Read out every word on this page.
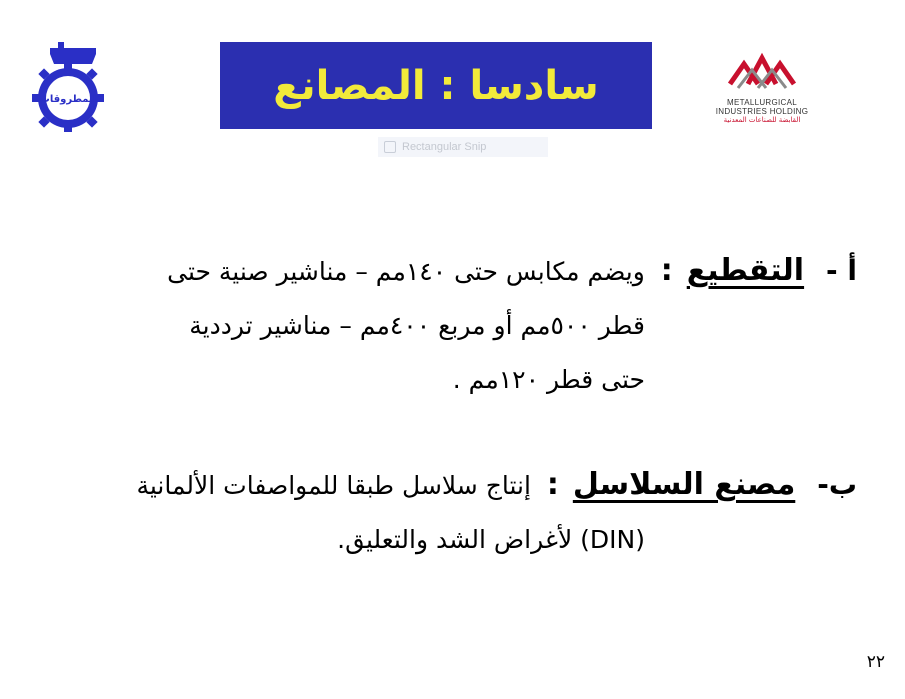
المطروقات	سادسا : المصانع
Rectangular Snip
METALLURGICAL
INDUSTRIES HOLDING
القابضة للصناعات المعدنية
أ - التقطيع : ويضم مكابس حتى ١٤٠مم – مناشير صنية حتى
قطر ٥٠٠مم أو مربع ٤٠٠مم – مناشير ترددية
حتى قطر ١٢٠مم .
ب- مصنع السلاسل : إنتاج سلاسل طبقا للمواصفات الألمانية
(DIN) لأغراض الشد والتعليق.
٢٢
